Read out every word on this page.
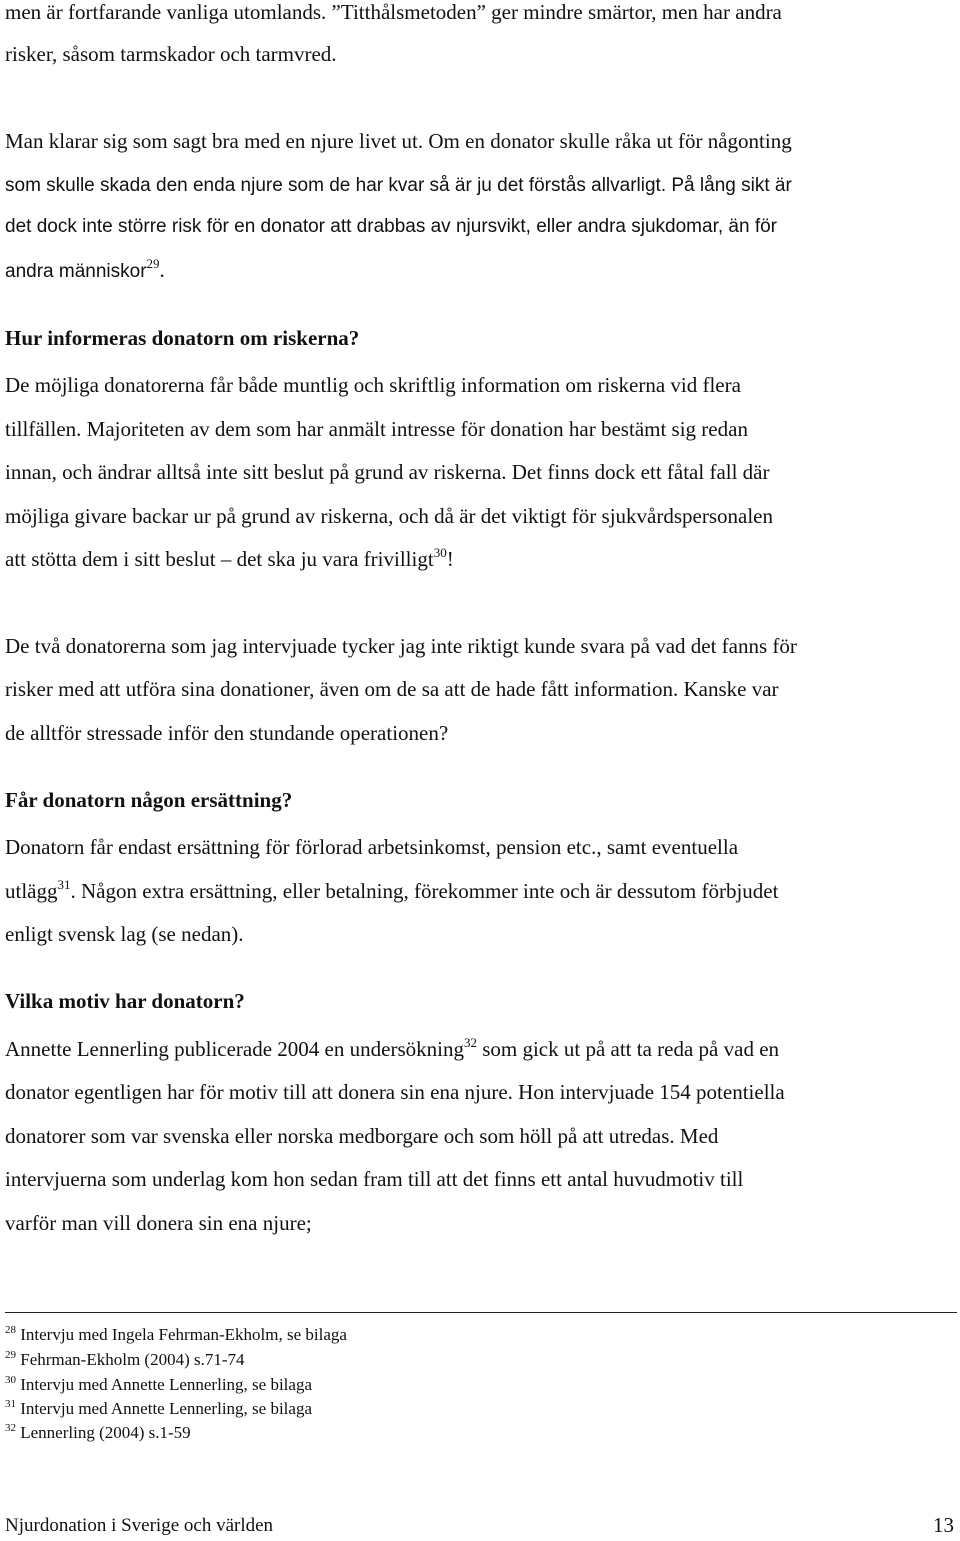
men är fortfarande vanliga utomlands. ”Titthålsmetoden” ger mindre smärtor, men har andra
risker, såsom tarmskador och tarmvred.
Man klarar sig som sagt bra med en njure livet ut. Om en donator skulle råka ut för någonting
som skulle skada den enda njure som de har kvar så är ju det förstås allvarligt. På lång sikt är
det dock inte större risk för en donator att drabbas av njursvikt, eller andra sjukdomar, än för
andra människor$^{29}$.
Hur informeras donatorn om riskerna?
De möjliga donatorerna får både muntlig och skriftlig information om riskerna vid flera
tillfällen. Majoriteten av dem som har anmält intresse för donation har bestämt sig redan
innan, och ändrar alltså inte sitt beslut på grund av riskerna. Det finns dock ett fåtal fall där
möjliga givare backar ur på grund av riskerna, och då är det viktigt för sjukvårdspersonalen
att stötta dem i sitt beslut – det ska ju vara frivilligt$^{30}$!
De två donatorerna som jag intervjuade tycker jag inte riktigt kunde svara på vad det fanns för
risker med att utföra sina donationer, även om de sa att de hade fått information. Kanske var
de alltför stressade inför den stundande operationen?
Får donatorn någon ersättning?
Donatorn får endast ersättning för förlorad arbetsinkomst, pension etc., samt eventuella
utlägg$^{31}$. Någon extra ersättning, eller betalning, förekommer inte och är dessutom förbjudet
enligt svensk lag (se nedan).
Vilka motiv har donatorn?
Annette Lennerling publicerade 2004 en undersökning$^{32}$ som gick ut på att ta reda på vad en
donator egentligen har för motiv till att donera sin ena njure. Hon intervjuade 154 potentiella
donatorer som var svenska eller norska medborgare och som höll på att utredas. Med
intervjuerna som underlag kom hon sedan fram till att det finns ett antal huvudmotiv till
varför man vill donera sin ena njure;
$^{28}$ Intervju med Ingela Fehrman-Ekholm, se bilaga
$^{29}$ Fehrman-Ekholm (2004) s.71-74
$^{30}$ Intervju med Annette Lennerling, se bilaga
$^{31}$ Intervju med Annette Lennerling, se bilaga
$^{32}$ Lennerling (2004) s.1-59
Njurdonation i Sverige och världen	13
